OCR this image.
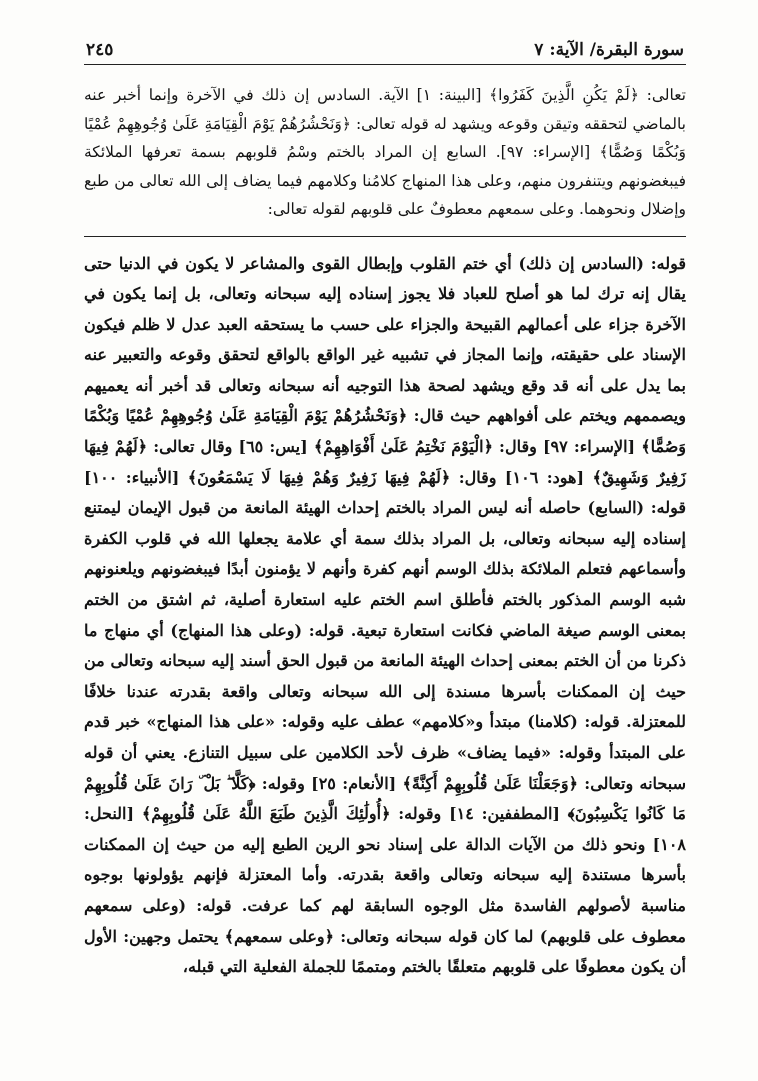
سورة البقرة/ الآية: ٧
٢٤٥

تعالى: ﴿لَمْ يَكُنِ الَّذِينَ كَفَرُوا﴾ [البينة: ١] الآية. السادس إن ذلك في الآخرة وإنما أخبر عنه بالماضي لتحققه وتيقن وقوعه ويشهد له قوله تعالى: ﴿وَنَحْشُرُهُمْ يَوْمَ الْقِيَامَةِ عَلَىٰ وُجُوهِهِمْ عُمْيًا وَبُكْمًا وَصُمًّا﴾ [الإسراء: ٩٧]. السابع إن المراد بالختم وسْمُ قلوبهم بسمة تعرفها الملائكة فيبغضونهم ويتنفرون منهم، وعلى هذا المنهاج كلامُنا وكلامهم فيما يضاف إلى الله تعالى من طبع وإضلال ونحوهما. وعلى سمعهم معطوفٌ على قلوبهم لقوله تعالى:

قوله: (السادس إن ذلك) أي ختم القلوب وإبطال القوى والمشاعر لا يكون في الدنيا حتى يقال إنه ترك لما هو أصلح للعباد فلا يجوز إسناده إليه سبحانه وتعالى، بل إنما يكون في الآخرة جزاء على أعمالهم القبيحة والجزاء على حسب ما يستحقه العبد عدل لا ظلم فيكون الإسناد على حقيقته، وإنما المجاز في تشبيه غير الواقع بالواقع لتحقق وقوعه والتعبير عنه بما يدل على أنه قد وقع ويشهد لصحة هذا التوجيه أنه سبحانه وتعالى قد أخبر أنه يعميهم ويصممهم ويختم على أفواههم حيث قال: ﴿وَنَحْشُرُهُمْ يَوْمَ الْقِيَامَةِ عَلَىٰ وُجُوهِهِمْ عُمْيًا وَبُكْمًا وَصُمًّا﴾ [الإسراء: ٩٧] وقال: ﴿الْيَوْمَ نَخْتِمُ عَلَىٰ أَفْوَاهِهِمْ﴾ [يس: ٦٥] وقال تعالى: ﴿لَهُمْ فِيهَا زَفِيرٌ وَشَهِيقٌ﴾ [هود: ١٠٦] وقال: ﴿لَهُمْ فِيهَا زَفِيرٌ وَهُمْ فِيهَا لَا يَسْمَعُونَ﴾ [الأنبياء: ١٠٠] قوله: (السابع) حاصله أنه ليس المراد بالختم إحداث الهيئة المانعة من قبول الإيمان ليمتنع إسناده إليه سبحانه وتعالى، بل المراد بذلك سمة أي علامة يجعلها الله في قلوب الكفرة وأسماعهم فتعلم الملائكة بذلك الوسم أنهم كفرة وأنهم لا يؤمنون أبدًا فيبغضونهم ويلعنونهم شبه الوسم المذكور بالختم فأطلق اسم الختم عليه استعارة أصلية، ثم اشتق من الختم بمعنى الوسم صيغة الماضي فكانت استعارة تبعية. قوله: (وعلى هذا المنهاج) أي منهاج ما ذكرنا من أن الختم بمعنى إحداث الهيئة المانعة من قبول الحق أسند إليه سبحانه وتعالى من حيث إن الممكنات بأسرها مسندة إلى الله سبحانه وتعالى واقعة بقدرته عندنا خلافًا للمعتزلة. قوله: (كلامنا) مبتدأ و«كلامهم» عطف عليه وقوله: «على هذا المنهاج» خبر قدم على المبتدأ وقوله: «فيما يضاف» ظرف لأحد الكلامين على سبيل التنازع. يعني أن قوله سبحانه وتعالى: ﴿وَجَعَلْنَا عَلَىٰ قُلُوبِهِمْ أَكِنَّةً﴾ [الأنعام: ٢٥] وقوله: ﴿كَلَّا ۖ بَلْ ۜ رَانَ عَلَىٰ قُلُوبِهِمْ مَا كَانُوا يَكْسِبُونَ﴾ [المطففين: ١٤] وقوله: ﴿أُولَٰئِكَ الَّذِينَ طَبَعَ اللَّهُ عَلَىٰ قُلُوبِهِمْ﴾ [النحل: ١٠٨] ونحو ذلك من الآيات الدالة على إسناد نحو الرين الطبع إليه من حيث إن الممكنات بأسرها مستندة إليه سبحانه وتعالى واقعة بقدرته. وأما المعتزلة فإنهم يؤولونها بوجوه مناسبة لأصولهم الفاسدة مثل الوجوه السابقة لهم كما عرفت. قوله: (وعلى سمعهم معطوف على قلوبهم) لما كان قوله سبحانه وتعالى: ﴿وعلى سمعهم﴾ يحتمل وجهين: الأول أن يكون معطوفًا على قلوبهم متعلقًا بالختم ومتممًا للجملة الفعلية التي قبله،
